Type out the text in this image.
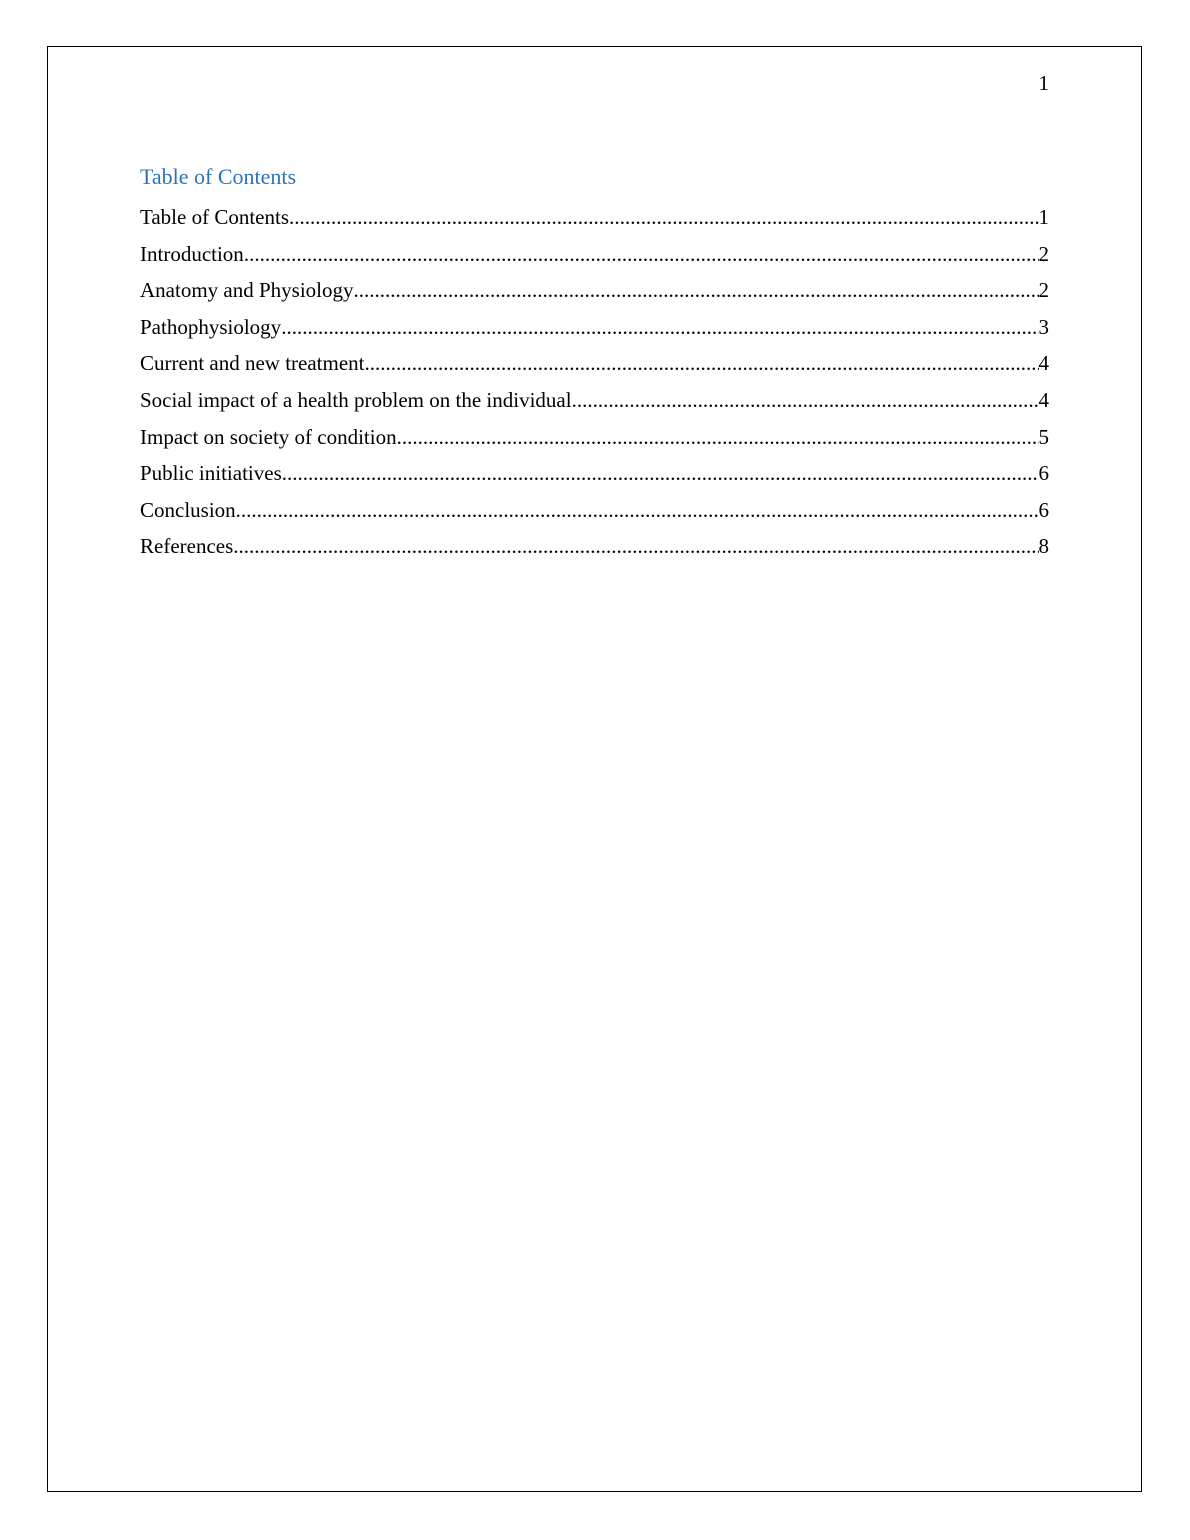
1
Table of Contents
Table of Contents .....	1
Introduction .....	2
Anatomy and Physiology .....	2
Pathophysiology .....	3
Current and new treatment .....	4
Social impact of a health problem on the individual .....	4
Impact on society of condition .....	5
Public initiatives .....	6
Conclusion .....	6
References .....	8
